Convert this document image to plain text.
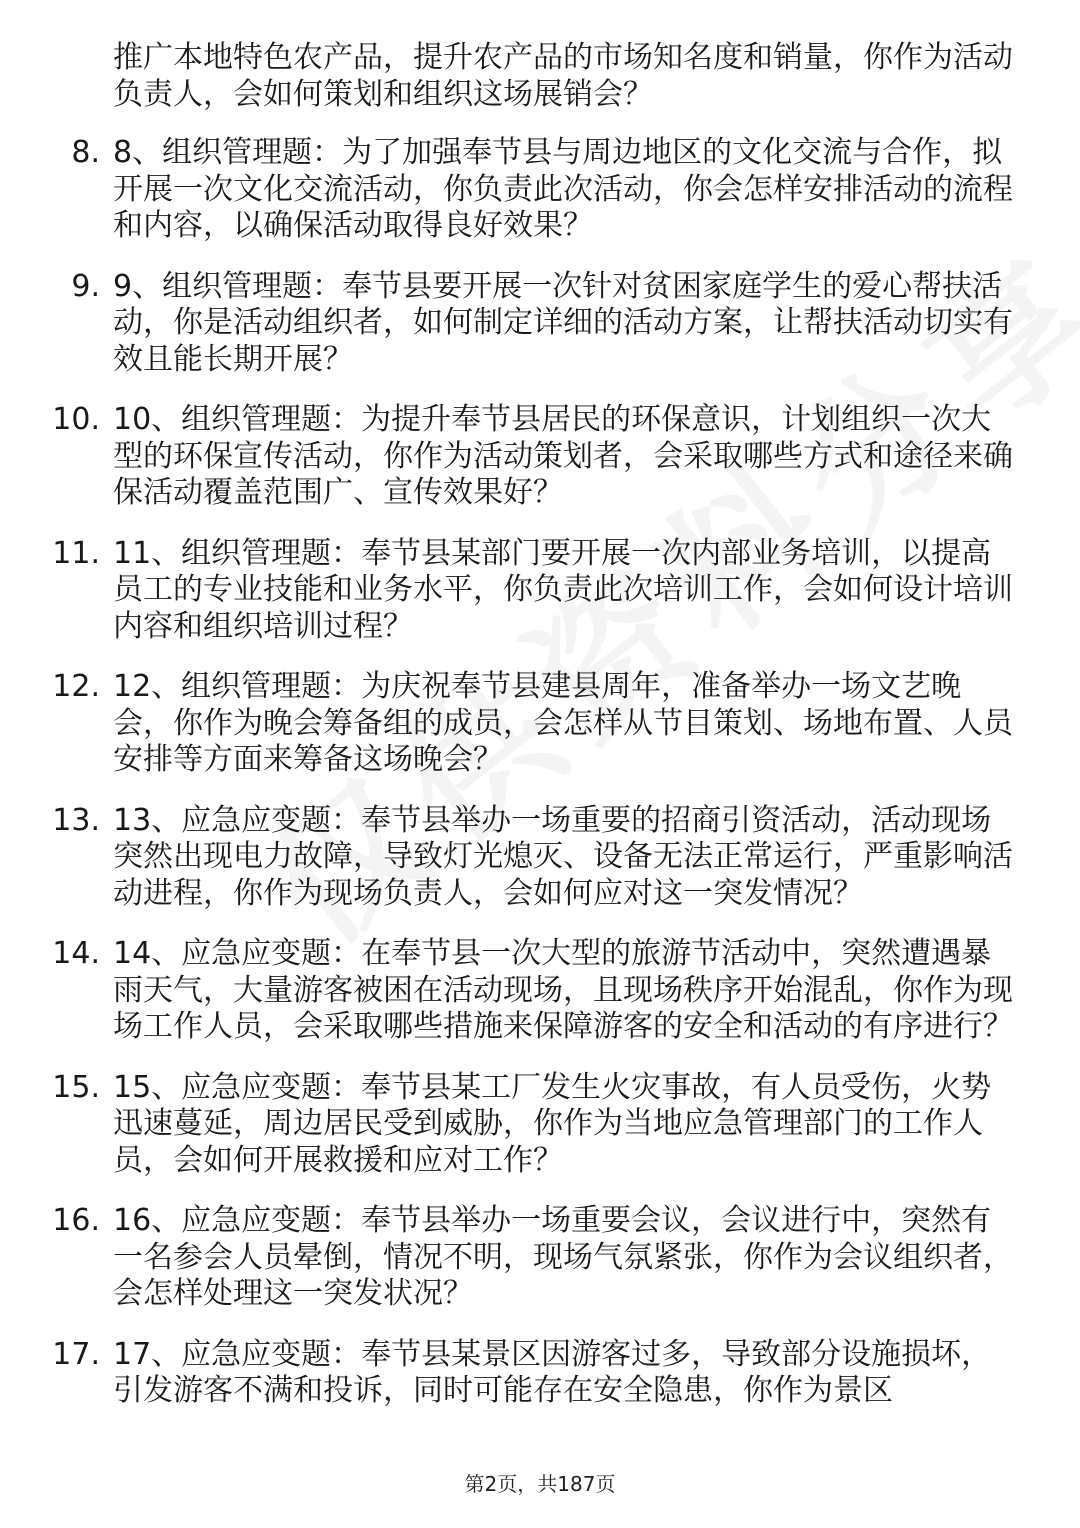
推广本地特色农产品，提升农产品的市场知名度和销量，你作为活动负责人，会如何策划和组织这场展销会？
8. 8、组织管理题：为了加强奉节县与周边地区的文化交流与合作，拟开展一次文化交流活动，你负责此次活动，你会怎样安排活动的流程和内容，以确保活动取得良好效果？
9. 9、组织管理题：奉节县要开展一次针对贫困家庭学生的爱心帮扶活动，你是活动组织者，如何制定详细的活动方案，让帮扶活动切实有效且能长期开展？
10. 10、组织管理题：为提升奉节县居民的环保意识，计划组织一次大型的环保宣传活动，你作为活动策划者，会采取哪些方式和途径来确保活动覆盖范围广、宣传效果好？
11. 11、组织管理题：奉节县某部门要开展一次内部业务培训，以提高员工的专业技能和业务水平，你负责此次培训工作，会如何设计培训内容和组织培训过程？
12. 12、组织管理题：为庆祝奉节县建县周年，准备举办一场文艺晚会，你作为晚会筹备组的成员，会怎样从节目策划、场地布置、人员安排等方面来筹备这场晚会？
13. 13、应急应变题：奉节县举办一场重要的招商引资活动，活动现场突然出现电力故障，导致灯光熄灭、设备无法正常运行，严重影响活动进程，你作为现场负责人，会如何应对这一突发情况？
14. 14、应急应变题：在奉节县一次大型的旅游节活动中，突然遭遇暴雨天气，大量游客被困在活动现场，且现场秩序开始混乱，你作为现场工作人员，会采取哪些措施来保障游客的安全和活动的有序进行？
15. 15、应急应变题：奉节县某工厂发生火灾事故，有人员受伤，火势迅速蔓延，周边居民受到威胁，你作为当地应急管理部门的工作人员，会如何开展救援和应对工作？
16. 16、应急应变题：奉节县举办一场重要会议，会议进行中，突然有一名参会人员晕倒，情况不明，现场气氛紧张，你作为会议组织者，会怎样处理这一突发状况？
17. 17、应急应变题：奉节县某景区因游客过多，导致部分设施损坏，引发游客不满和投诉，同时可能存在安全隐患，你作为景区
第2页，共187页
